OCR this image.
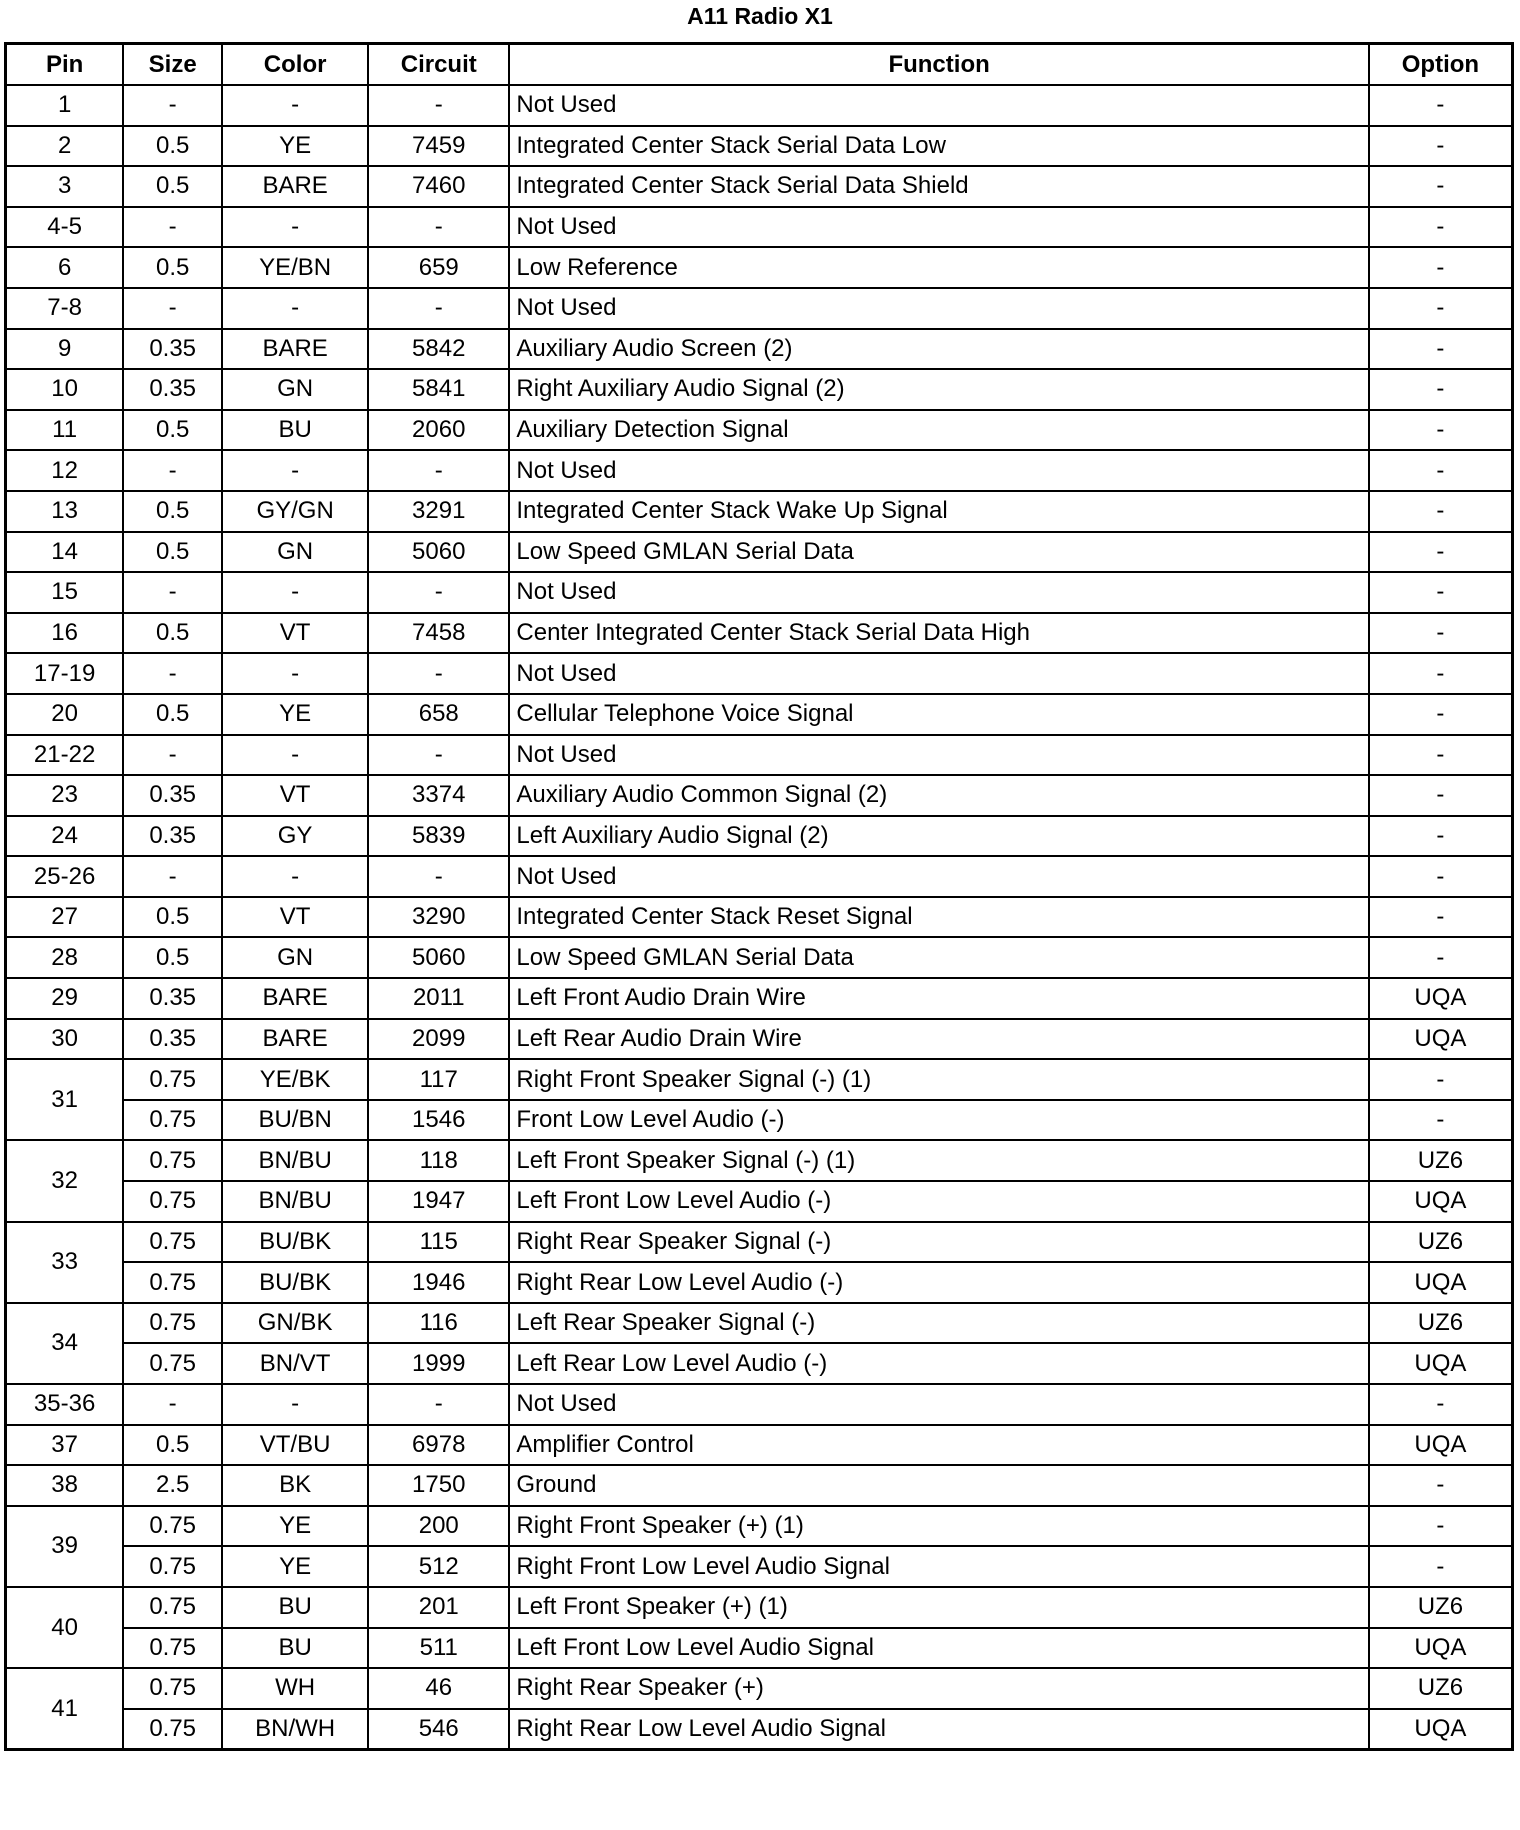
A11 Radio X1
Pin	Size	Color	Circuit	Function	Option
1	-	-	-	Not Used	-
2	0.5	YE	7459	Integrated Center Stack Serial Data Low	-
3	0.5	BARE	7460	Integrated Center Stack Serial Data Shield	-
4-5	-	-	-	Not Used	-
6	0.5	YE/BN	659	Low Reference	-
7-8	-	-	-	Not Used	-
9	0.35	BARE	5842	Auxiliary Audio Screen (2)	-
10	0.35	GN	5841	Right Auxiliary Audio Signal (2)	-
11	0.5	BU	2060	Auxiliary Detection Signal	-
12	-	-	-	Not Used	-
13	0.5	GY/GN	3291	Integrated Center Stack Wake Up Signal	-
14	0.5	GN	5060	Low Speed GMLAN Serial Data	-
15	-	-	-	Not Used	-
16	0.5	VT	7458	Center Integrated Center Stack Serial Data High	-
17-19	-	-	-	Not Used	-
20	0.5	YE	658	Cellular Telephone Voice Signal	-
21-22	-	-	-	Not Used	-
23	0.35	VT	3374	Auxiliary Audio Common Signal (2)	-
24	0.35	GY	5839	Left Auxiliary Audio Signal (2)	-
25-26	-	-	-	Not Used	-
27	0.5	VT	3290	Integrated Center Stack Reset Signal	-
28	0.5	GN	5060	Low Speed GMLAN Serial Data	-
29	0.35	BARE	2011	Left Front Audio Drain Wire	UQA
30	0.35	BARE	2099	Left Rear Audio Drain Wire	UQA
31	0.75	YE/BK	117	Right Front Speaker Signal (-) (1)	-
	0.75	BU/BN	1546	Front Low Level Audio (-)	-
32	0.75	BN/BU	118	Left Front Speaker Signal (-) (1)	UZ6
	0.75	BN/BU	1947	Left Front Low Level Audio (-)	UQA
33	0.75	BU/BK	115	Right Rear Speaker Signal (-)	UZ6
	0.75	BU/BK	1946	Right Rear Low Level Audio (-)	UQA
34	0.75	GN/BK	116	Left Rear Speaker Signal (-)	UZ6
	0.75	BN/VT	1999	Left Rear Low Level Audio (-)	UQA
35-36	-	-	-	Not Used	-
37	0.5	VT/BU	6978	Amplifier Control	UQA
38	2.5	BK	1750	Ground	-
39	0.75	YE	200	Right Front Speaker (+) (1)	-
	0.75	YE	512	Right Front Low Level Audio Signal	-
40	0.75	BU	201	Left Front Speaker (+) (1)	UZ6
	0.75	BU	511	Left Front Low Level Audio Signal	UQA
41	0.75	WH	46	Right Rear Speaker (+)	UZ6
	0.75	BN/WH	546	Right Rear Low Level Audio Signal	UQA
